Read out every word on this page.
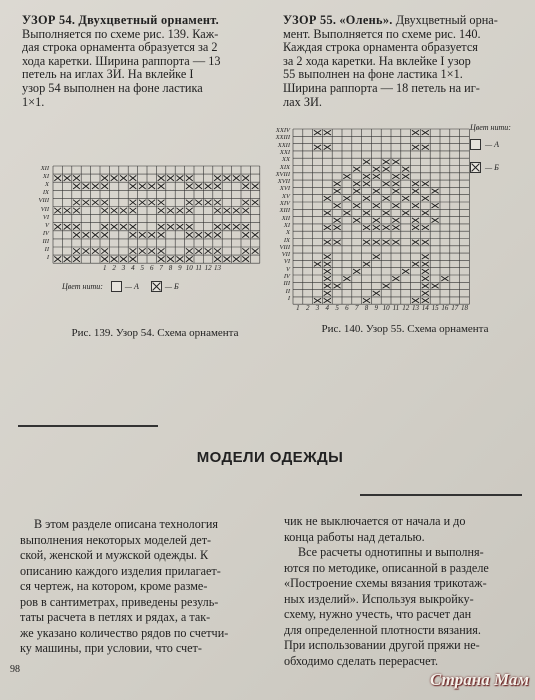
УЗОР 54. Двухцветный орнамент.
Выполняется по схеме рис. 139. Каж-
дая строка орнамента образуется за 2
хода каретки. Ширина раппорта — 13
петель на иглах ЗИ. На вклейке I
узор 54 выполнен на фоне ластика
1×1.
УЗОР 55. «Олень». Двухцветный орна-
мент. Выполняется по схеме рис. 140.
Каждая строка орнамента образуется
за 2 хода каретки. На вклейке I узор
55 выполнен на фоне ластика 1×1.
Ширина раппорта — 18 петель на иг-
лах ЗИ.
XII
XI
X
IX
VIII
VII
VI
V
IV
III
II
I
1 2 3 4 5 6 7 8 9 10 11 12 13
Цвет нити:	— А	— Б
Рис. 139. Узор 54. Схема орнамента
XXIV
XXIII
XXII
XXI
XX
XIX
XVIII
XVII
XVI
XV
XIV
XIII
XII
XI
X
IX
VIII
VII
VI
V
IV
III
II
I
1 2 3 4 5 6 7 8 9 10 11 12 13 14 15 16 17 18
Цвет нити:
— А
— Б
Рис. 140. Узор 55. Схема орнамента
МОДЕЛИ ОДЕЖДЫ
В этом разделе описана технология
выполнения некоторых моделей дет-
ской, женской и мужской одежды. К
описанию каждого изделия прилагает-
ся чертеж, на котором, кроме разме-
ров в сантиметрах, приведены резуль-
таты расчета в петлях и рядах, а так-
же указано количество рядов по счетчи-
ку машины, при условии, что счет-
чик не выключается от начала и до
конца работы над деталью.
Все расчеты однотипны и выполня-
ются по методике, описанной в разделе
«Построение схемы вязания трикотаж-
ных изделий». Используя выкройку-
схему, нужно учесть, что расчет дан
для определенной плотности вязания.
При использовании другой пряжи не-
обходимо сделать перерасчет.
98
Страна Мам
